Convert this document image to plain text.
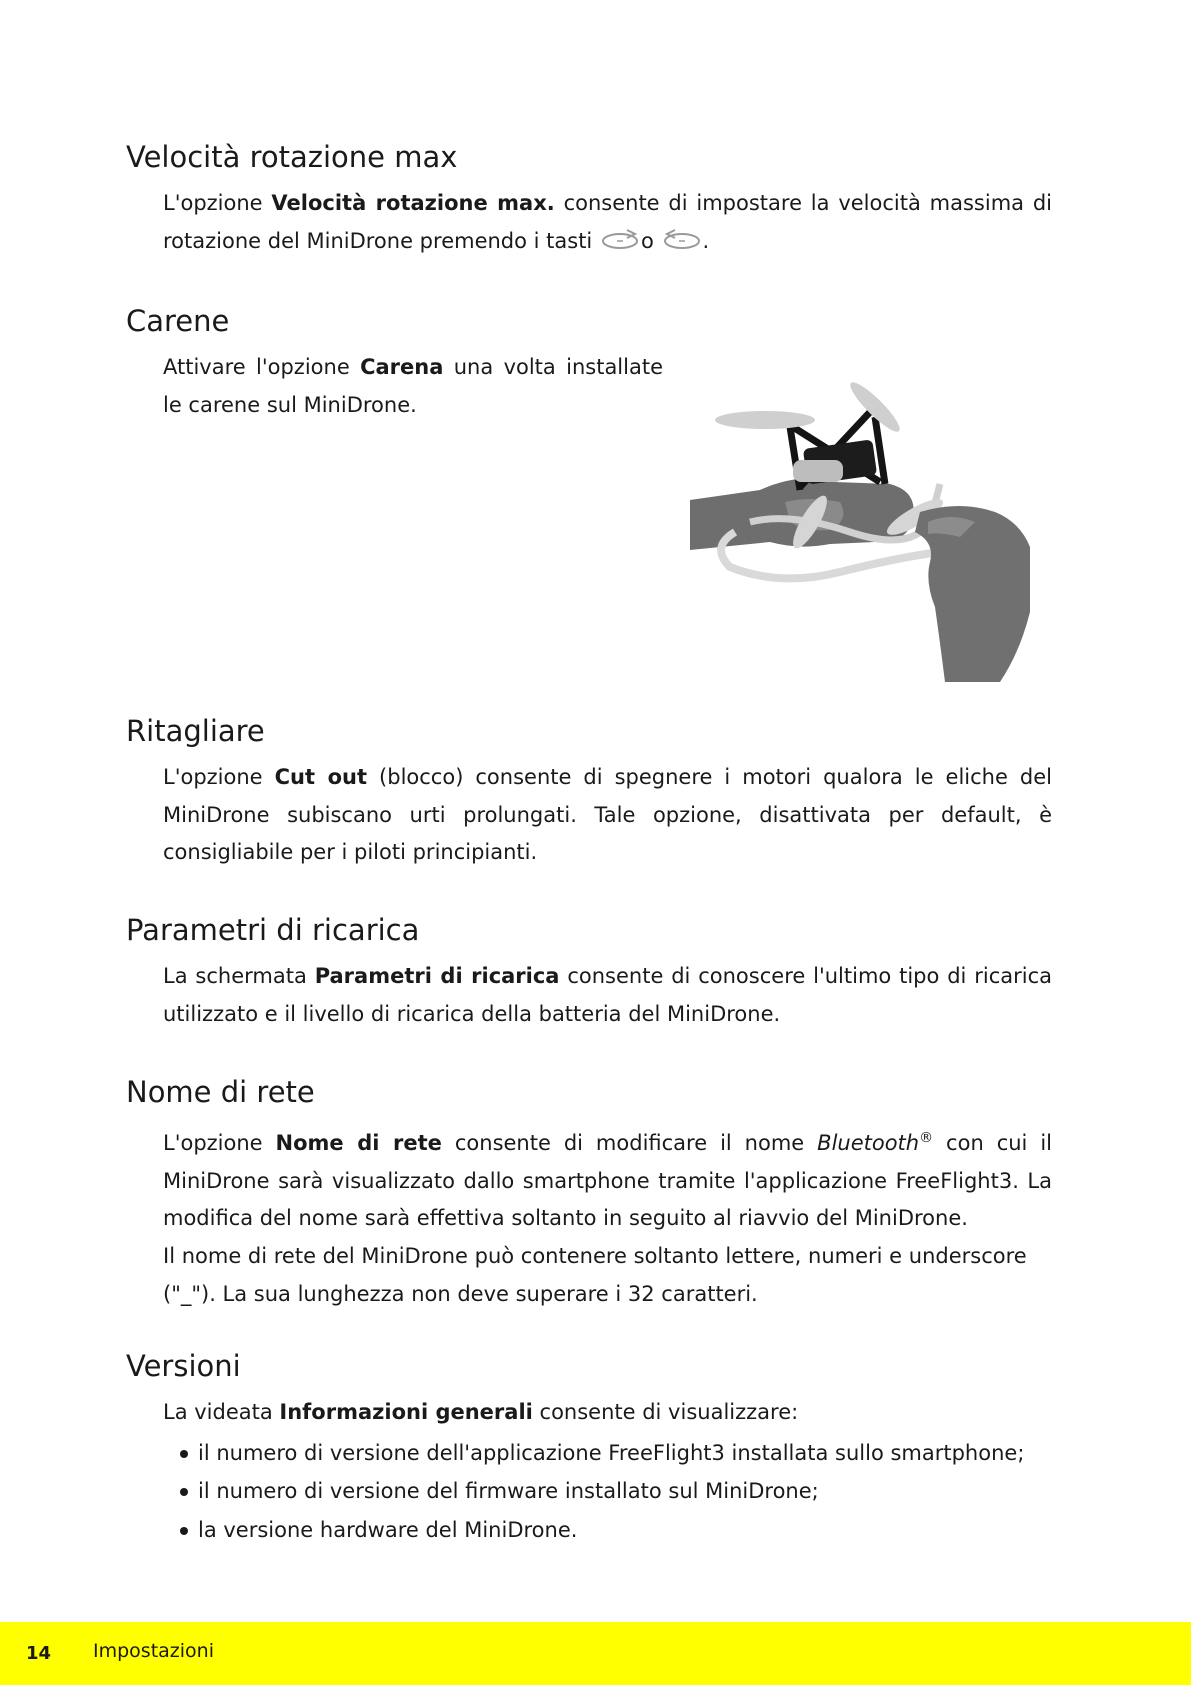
Velocità rotazione max

L'opzione Velocità rotazione max. consente di impostare la velocità massima di rotazione del MiniDrone premendo i tasti o .

Carene

Attivare l'opzione Carena una volta installate le carene sul MiniDrone.

Ritagliare

L'opzione Cut out (blocco) consente di spegnere i motori qualora le eliche del MiniDrone subiscano urti prolungati. Tale opzione, disattivata per default, è consigliabile per i piloti principianti.

Parametri di ricarica

La schermata Parametri di ricarica consente di conoscere l'ultimo tipo di ricarica utilizzato e il livello di ricarica della batteria del MiniDrone.

Nome di rete

L'opzione Nome di rete consente di modificare il nome Bluetooth® con cui il MiniDrone sarà visualizzato dallo smartphone tramite l'applicazione FreeFlight3. La modifica del nome sarà effettiva soltanto in seguito al riavvio del MiniDrone.

Il nome di rete del MiniDrone può contenere soltanto lettere, numeri e underscore ("_"). La sua lunghezza non deve superare i 32 caratteri.

Versioni

La videata Informazioni generali consente di visualizzare:

il numero di versione dell'applicazione FreeFlight3 installata sullo smartphone;
il numero di versione del firmware installato sul MiniDrone;
la versione hardware del MiniDrone.
14 Impostazioni
